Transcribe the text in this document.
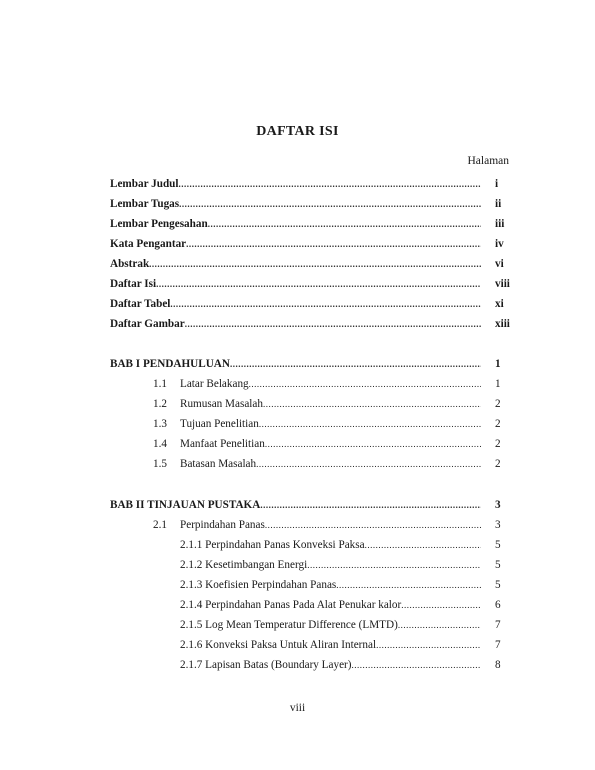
DAFTAR ISI
Halaman
Lembar Judul .....	i
Lembar Tugas .....	ii
Lembar Pengesahan .....	iii
Kata Pengantar .....	iv
Abstrak .....	vi
Daftar Isi .....	viii
Daftar Tabel .....	xi
Daftar Gambar .....	xiii
BAB I PENDAHULUAN .....	1
1.1	Latar Belakang .....	1
1.2	Rumusan Masalah .....	2
1.3	Tujuan Penelitian .....	2
1.4	Manfaat Penelitian .....	2
1.5	Batasan Masalah .....	2
BAB II TINJAUAN PUSTAKA .....	3
2.1	Perpindahan Panas .....	3
2.1.1 Perpindahan Panas Konveksi Paksa .....	5
2.1.2 Kesetimbangan Energi .....	5
2.1.3 Koefisien Perpindahan Panas .....	5
2.1.4 Perpindahan Panas Pada Alat Penukar kalor .....	6
2.1.5 Log Mean Temperatur Difference (LMTD) .....	7
2.1.6 Konveksi Paksa Untuk Aliran Internal .....	7
2.1.7 Lapisan Batas (Boundary Layer) .....	8
viii
